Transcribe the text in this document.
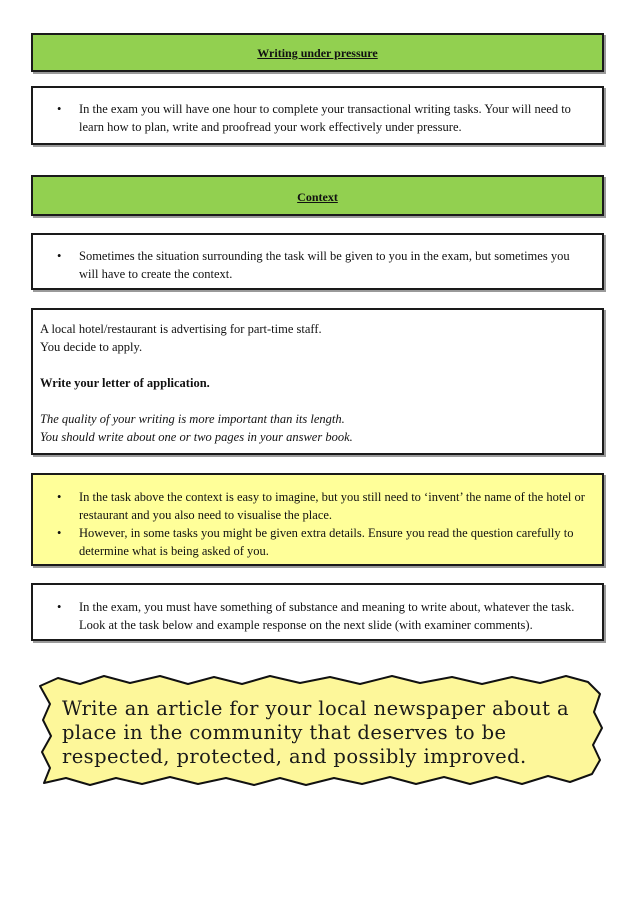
Writing under pressure
• In the exam you will have one hour to complete your transactional writing tasks. Your will need to learn how to plan, write and proofread your work effectively under pressure.
Context
• Sometimes the situation surrounding the task will be given to you in the exam, but sometimes you will have to create the context.

A local hotel/restaurant is advertising for part-time staff.

You decide to apply.

Write your letter of application.

The quality of your writing is more important than its length.

You should write about one or two pages in your answer book.

• In the task above the context is easy to imagine, but you still need to ‘invent’ the name of the hotel or restaurant and you also need to visualise the place.
• However, in some tasks you might be given extra details. Ensure you read the question carefully to determine what is being asked of you.
• In the exam, you must have something of substance and meaning to write about, whatever the task. Look at the task below and example response on the next slide (with examiner comments).
Write an article for your local newspaper about a place in the community that deserves to be respected, protected, and possibly improved.
